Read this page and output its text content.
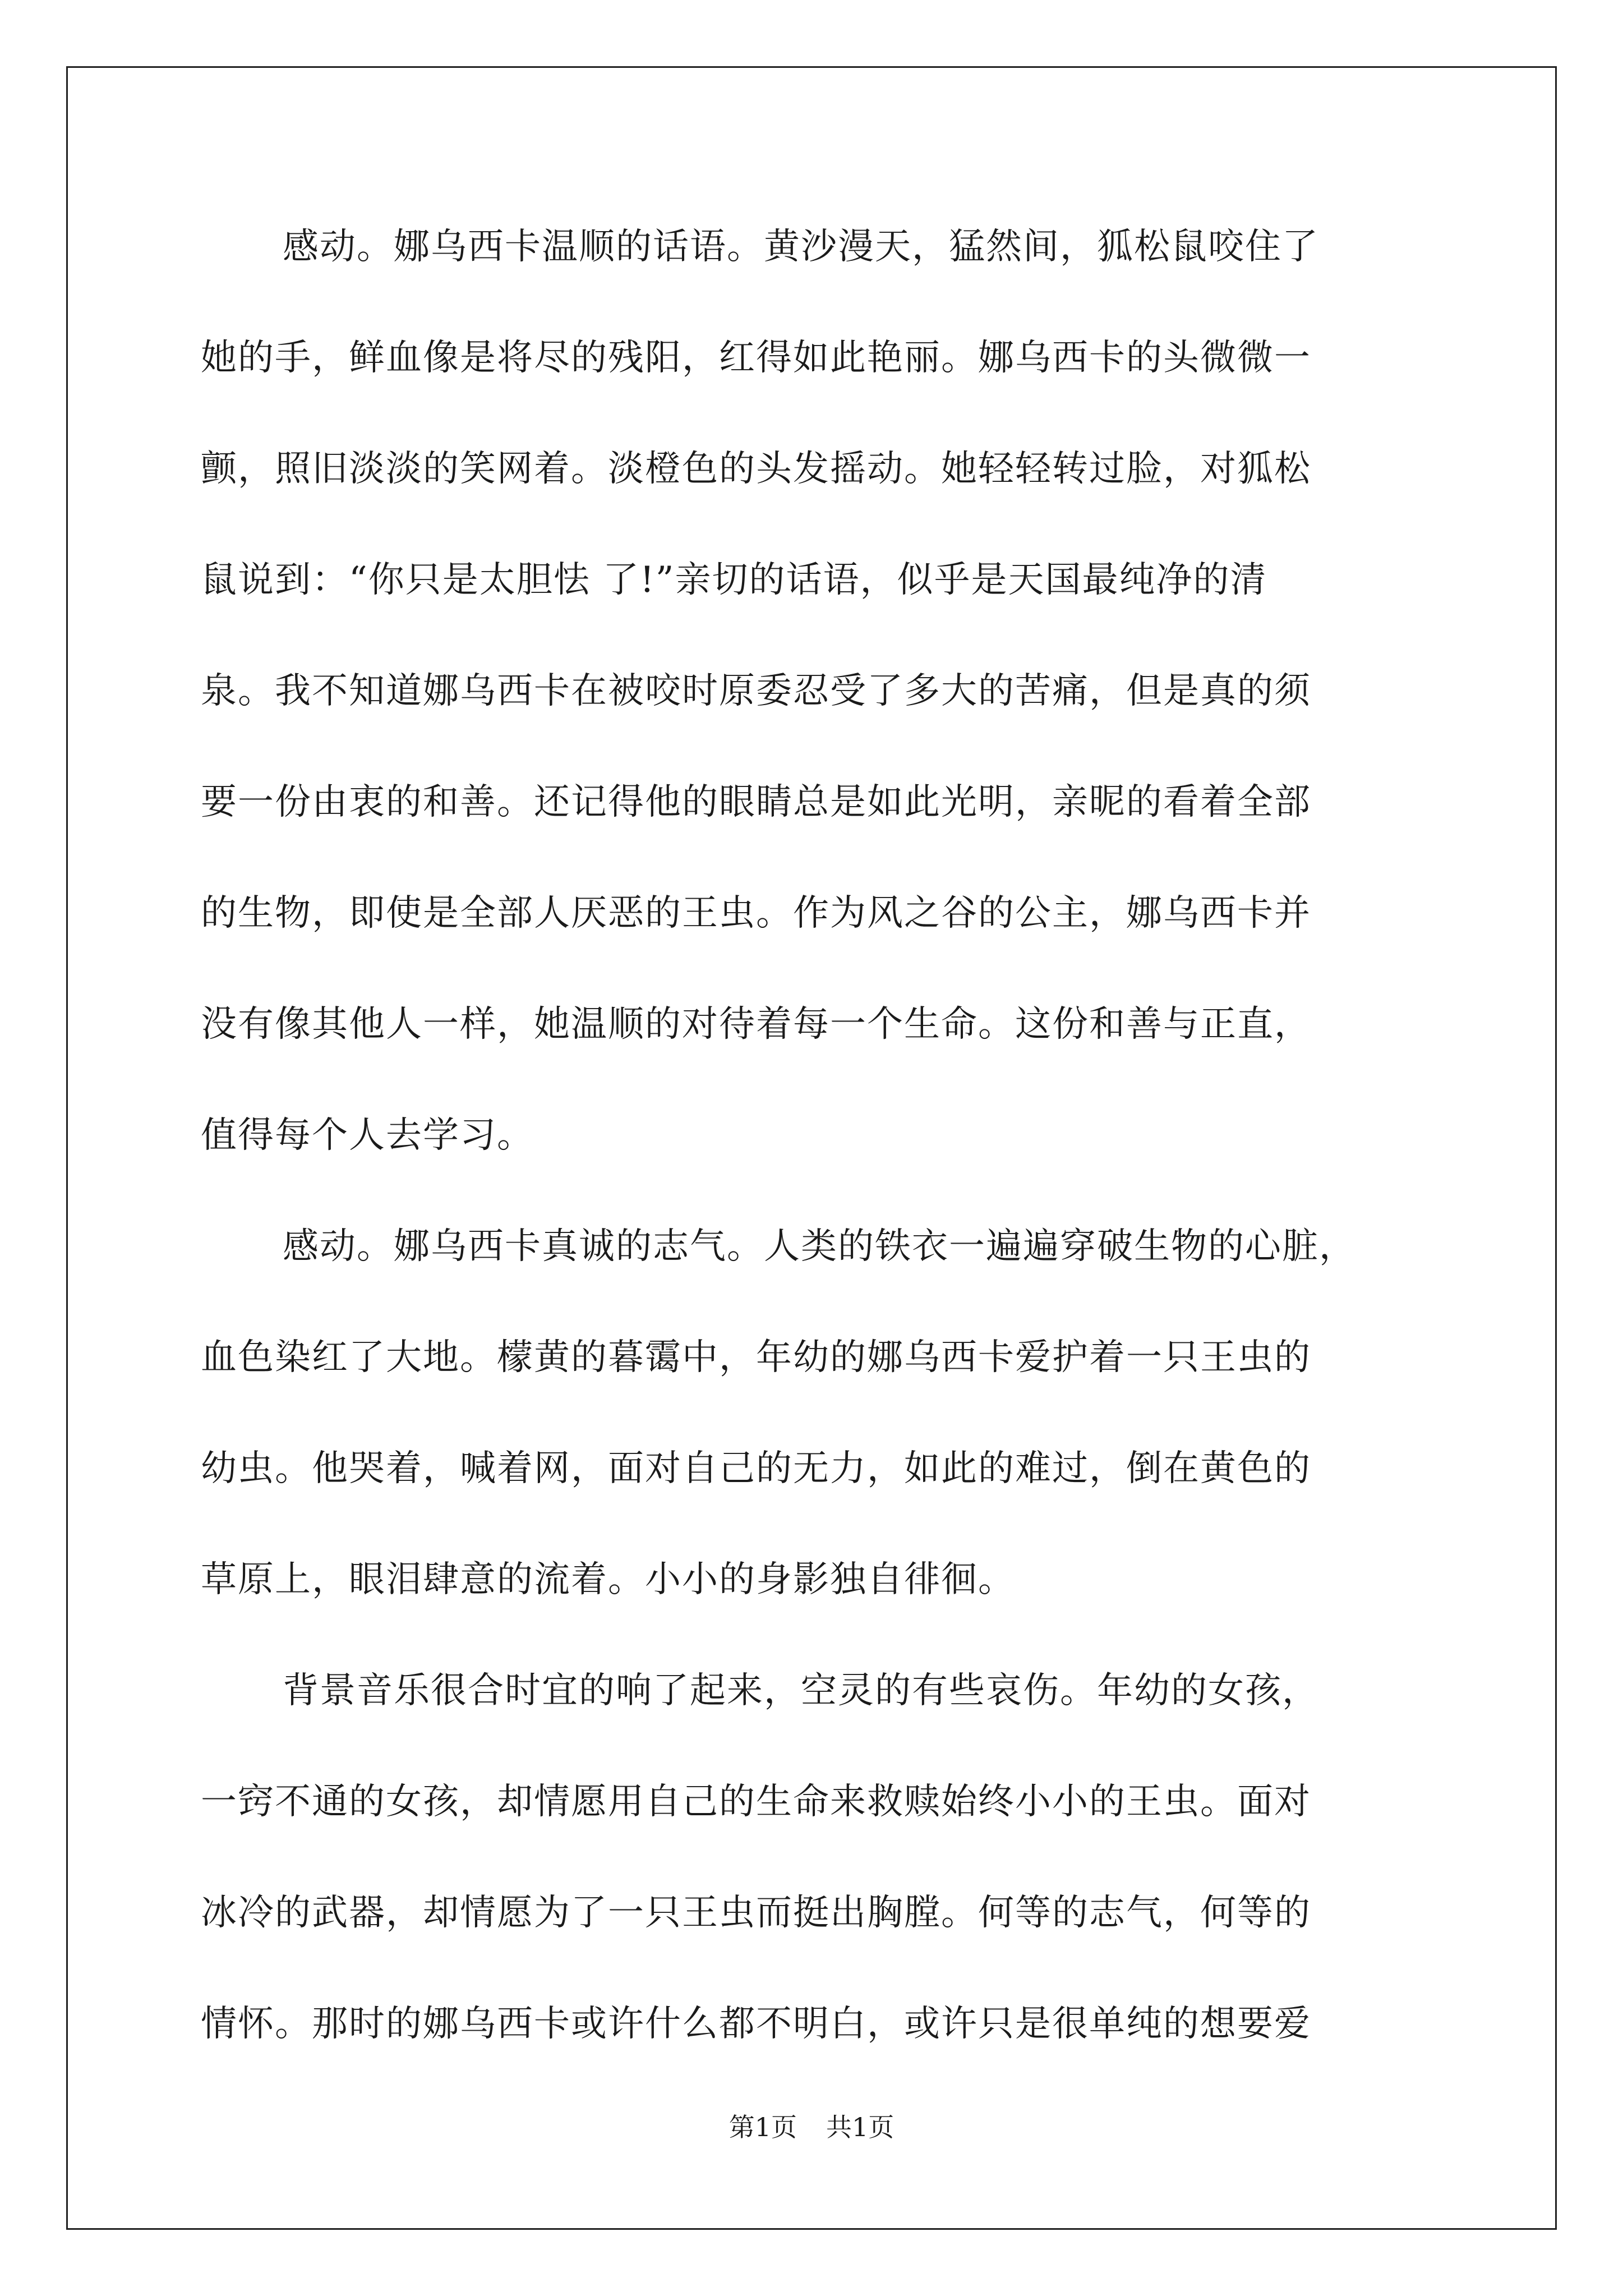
感动。娜乌西卡温顺的话语。黄沙漫天，猛然间，狐松鼠咬住了
她的手，鲜血像是将尽的残阳，红得如此艳丽。娜乌西卡的头微微一
颤，照旧淡淡的笑网着。淡橙色的头发摇动。她轻轻转过脸，对狐松
鼠说到：“你只是太胆怯 了!”亲切的话语，似乎是天国最纯净的清
泉。我不知道娜乌西卡在被咬时原委忍受了多大的苦痛，但是真的须
要一份由衷的和善。还记得他的眼睛总是如此光明，亲昵的看着全部
的生物，即使是全部人厌恶的王虫。作为风之谷的公主，娜乌西卡并
没有像其他人一样，她温顺的对待着每一个生命。这份和善与正直，
值得每个人去学习。
感动。娜乌西卡真诚的志气。人类的铁衣一遍遍穿破生物的心脏，
血色染红了大地。檬黄的暮霭中，年幼的娜乌西卡爱护着一只王虫的
幼虫。他哭着，喊着网，面对自己的无力，如此的难过，倒在黄色的
草原上，眼泪肆意的流着。小小的身影独自徘徊。
背景音乐很合时宜的响了起来，空灵的有些哀伤。年幼的女孩，
一窍不通的女孩，却情愿用自己的生命来救赎始终小小的王虫。面对
冰冷的武器，却情愿为了一只王虫而挺出胸膛。何等的志气，何等的
情怀。那时的娜乌西卡或许什么都不明白，或许只是很单纯的想要爱
第1页 共1页
